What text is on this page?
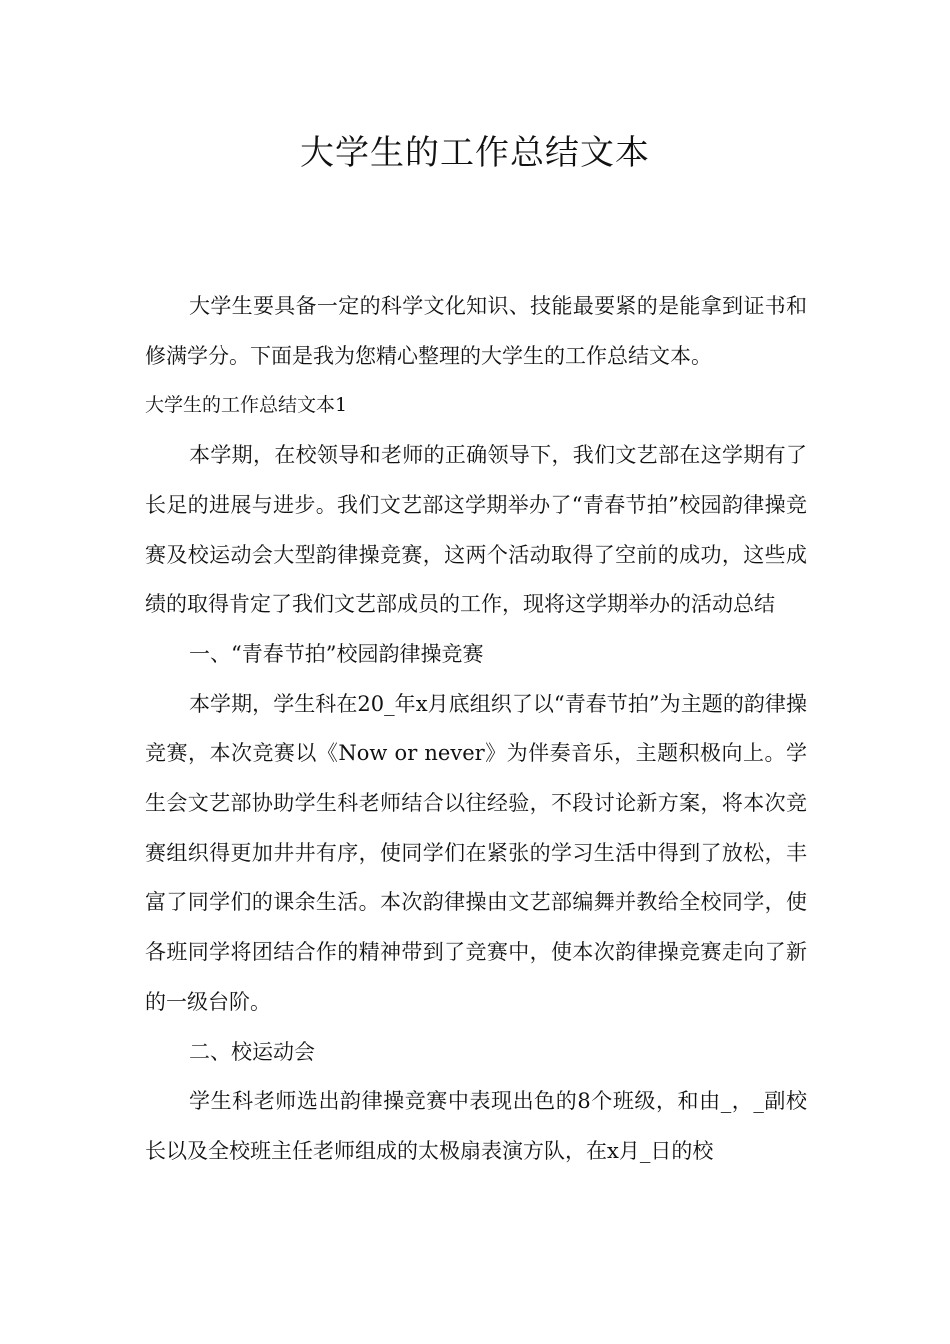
大学生的工作总结文本

大学生要具备一定的科学文化知识、技能最要紧的是能拿到证书和修满学分。下面是我为您精心整理的大学生的工作总结文本。

大学生的工作总结文本1

本学期，在校领导和老师的正确领导下，我们文艺部在这学期有了长足的进展与进步。我们文艺部这学期举办了“青春节拍”校园韵律操竞赛及校运动会大型韵律操竞赛，这两个活动取得了空前的成功，这些成绩的取得肯定了我们文艺部成员的工作，现将这学期举办的活动总结

一、“青春节拍”校园韵律操竞赛

本学期，学生科在20_年x月底组织了以“青春节拍”为主题的韵律操竞赛，本次竞赛以《Now or never》为伴奏音乐，主题积极向上。学生会文艺部协助学生科老师结合以往经验，不段讨论新方案，将本次竞赛组织得更加井井有序，使同学们在紧张的学习生活中得到了放松，丰富了同学们的课余生活。本次韵律操由文艺部编舞并教给全校同学，使各班同学将团结合作的精神带到了竞赛中，使本次韵律操竞赛走向了新的一级台阶。

二、校运动会

学生科老师选出韵律操竞赛中表现出色的8个班级，和由_，_副校长以及全校班主任老师组成的太极扇表演方队，在x月_日的校
